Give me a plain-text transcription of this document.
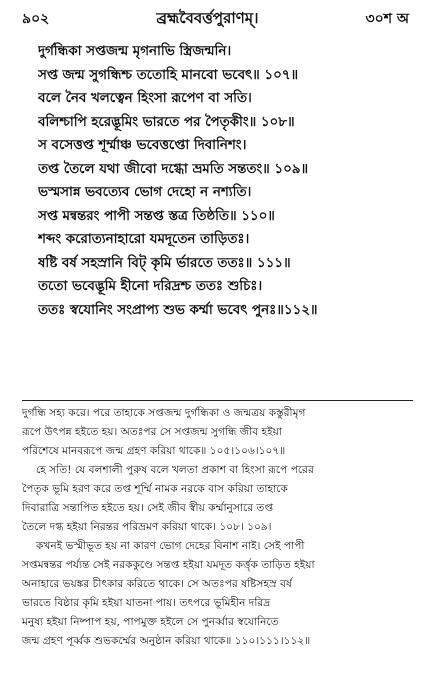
৯০২	ব্রহ্মবৈবর্ত্তপুরাণম্।	৩০শ অ
দুর্গন্ধিকা সপ্তজন্ম মৃগনাভি স্ত্রিজন্মনি।
সপ্ত জন্ম সুগন্ধিশ্চ ততোহি মানবো ভবেৎ॥ ১০৭॥
বলে নৈব খলত্বেন হিংসা রূপেণ বা সতি।
বলিশ্চাপি হরেদ্ভূমিং ভারতে পর পৈতৃকীং॥ ১০৮॥
স বসেত্তপ্ত শূর্ম্মাঞ্চ ভবেত্তপ্তো দিবানিশং।
তপ্ত তৈলে যথা জীবো দগ্ধো ভ্রমতি সন্ততং॥ ১০৯॥
ভস্মসান্ন ভবত্যেব ভোগ দেহো ন নশ্যতি।
সপ্ত মন্বন্তরং পাপী সন্তপ্ত স্তত্র তিষ্ঠতি॥ ১১০॥
শব্দং করোত্যনাহারো যমদূতেন তাড়িতঃ।
ষষ্টি বর্ষ সহস্রানি বিট্ কৃমি র্ভারতে ততঃ॥ ১১১॥
ততো ভবেদ্ভূমি হীনো দরিদ্রশ্চ ততঃ শুচিঃ।
ততঃ স্বযোনিং সংপ্রাপ্য শুভ কর্ম্মা ভবেৎ পুনঃ॥১১২॥
দুর্গন্ধি সহ্য করে। পরে তাহাকে সপ্তজন্ম দুর্গন্ধিকা ও জন্মত্রয় কস্তুরীমৃগ
রূপে উৎপন্ন হইতে হয়। অতঃপর সে সপ্তজন্ম সুগন্ধি জীব হইয়া
পরিশেষে মানবরূপে জন্ম গ্রহণ করিয়া থাকে॥ ১০৫।১০৬।১০৭॥
হে সতি! যে বলশালী পুরুষ বলে খলতা প্রকাশ বা হিংসা রূপে পরের
পৈতৃক ভূমি হরণ করে তপ্ত শূর্ম্মি নামক নরকে বাস করিয়া তাহাকে
দিবারাত্রি সন্তাপিত হইতে হয়। সেই জীব স্বীয় কর্ম্মানুসারে তপ্ত
তৈলে দগ্ধ হইয়া নিরন্তর পরিভ্রমণ করিয়া থাকে। ১০৮। ১০৯।
কখনই ভস্মীভূত হয় না কারণ ভোগ দেহের বিনাশ নাই। সেই পাপী
সপ্তমন্বন্তর পর্য্যন্ত সেই নরককুণ্ডে সন্তপ্ত হইয়া যমদূত কর্ত্তৃক তাড়িত হইয়া
অনাহারে ভয়ঙ্কর চীৎকার করিতে থাকে। সে অতঃপর ষষ্টিসহস্র বর্ষ
ভারতে বিষ্ঠার কৃমি হইয়া যাতনা পায়। তৎপরে ভূমিহীন দরিদ্র
মনুষ্য হইয়া নিষ্পাপ হয়, পাপমুক্ত হইলে সে পুনর্ব্বার স্বযোনিতে
জন্ম গ্রহণ পূর্ব্বক শুভকর্ম্মের অনুষ্ঠান করিয়া থাকে॥ ১১০।১১১।১১২॥
